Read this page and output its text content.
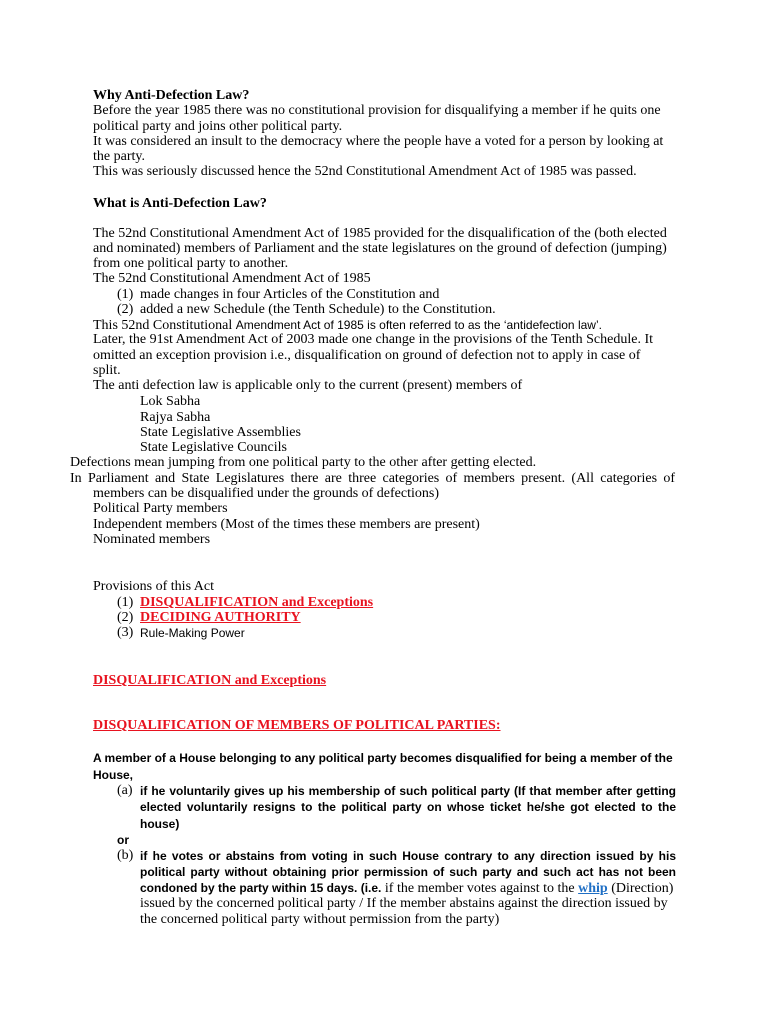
Why Anti-Defection Law?
Before the year 1985 there was no constitutional provision for disqualifying a member if he quits one
political party and joins other political party.
It was considered an insult to the democracy where the people have a voted for a person by looking at
the party.
This was seriously discussed hence the 52nd Constitutional Amendment Act of 1985 was passed.
What is Anti-Defection Law?
The 52nd Constitutional Amendment Act of 1985 provided for the disqualification of the (both elected
and nominated) members of Parliament and the state legislatures on the ground of defection (jumping)
from one political party to another.
The 52nd Constitutional Amendment Act of 1985
(1) made changes in four Articles of the Constitution and
(2) added a new Schedule (the Tenth Schedule) to the Constitution.
This 52nd Constitutional Amendment Act of 1985 is often referred to as the ‘antidefection law’.
Later, the 91st Amendment Act of 2003 made one change in the provisions of the Tenth Schedule. It
omitted an exception provision i.e., disqualification on ground of defection not to apply in case of
split.
The anti defection law is applicable only to the current (present) members of
Lok Sabha
Rajya Sabha
State Legislative Assemblies
State Legislative Councils
Defections mean jumping from one political party to the other after getting elected.
In Parliament and State Legislatures there are three categories of members present. (All categories of
members can be disqualified under the grounds of defections)
Political Party members
Independent members (Most of the times these members are present)
Nominated members
Provisions of this Act
(1) DISQUALIFICATION and Exceptions
(2) DECIDING AUTHORITY
(3) Rule-Making Power
DISQUALIFICATION and Exceptions
DISQUALIFICATION OF MEMBERS OF POLITICAL PARTIES:
A member of a House belonging to any political party becomes disqualified for being a member of the
House,
(a) if he voluntarily gives up his membership of such political party (If that member after getting
elected voluntarily resigns to the political party on whose ticket he/she got elected to the
house)
or
(b) if he votes or abstains from voting in such House contrary to any direction issued by his
political party without obtaining prior permission of such party and such act has not been
condoned by the party within 15 days. (i.e. if the member votes against to the whip (Direction)
issued by the concerned political party / If the member abstains against the direction issued by
the concerned political party without permission from the party)
